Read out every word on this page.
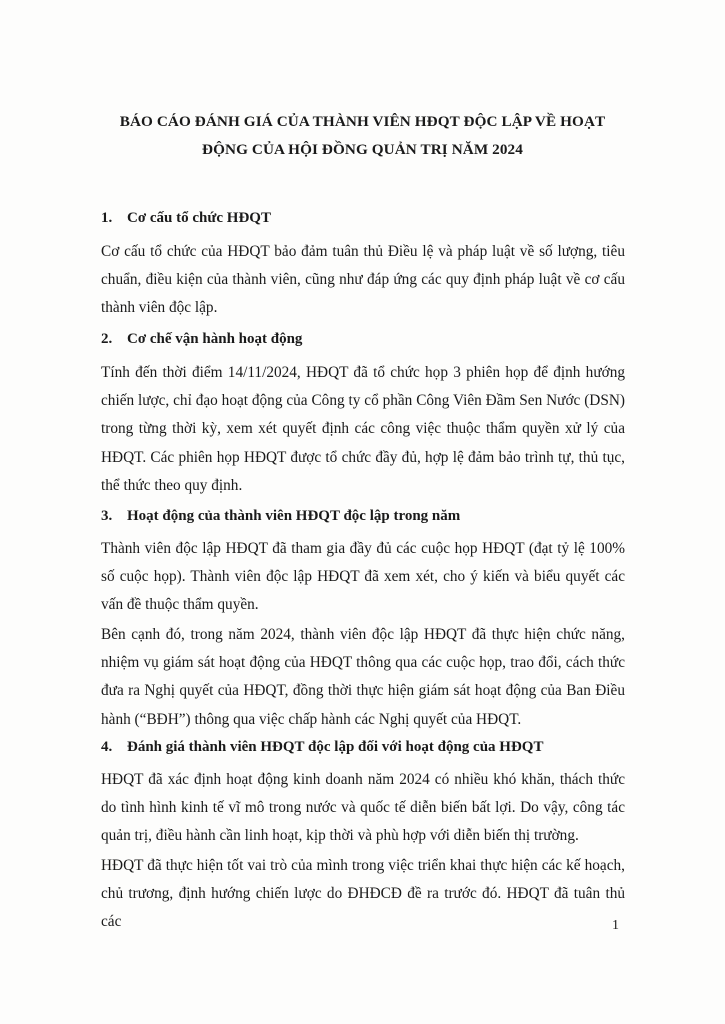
BÁO CÁO ĐÁNH GIÁ CỦA THÀNH VIÊN HĐQT ĐỘC LẬP VỀ HOẠT
ĐỘNG CỦA HỘI ĐỒNG QUẢN TRỊ NĂM 2024
1. Cơ cấu tổ chức HĐQT
Cơ cấu tổ chức của HĐQT bảo đảm tuân thủ Điều lệ và pháp luật về số lượng, tiêu chuẩn, điều kiện của thành viên, cũng như đáp ứng các quy định pháp luật về cơ cấu thành viên độc lập.
2. Cơ chế vận hành hoạt động
Tính đến thời điểm 14/11/2024, HĐQT đã tổ chức họp 3 phiên họp để định hướng chiến lược, chỉ đạo hoạt động của Công ty cổ phần Công Viên Đầm Sen Nước (DSN) trong từng thời kỳ, xem xét quyết định các công việc thuộc thẩm quyền xử lý của HĐQT. Các phiên họp HĐQT được tổ chức đầy đủ, hợp lệ đảm bảo trình tự, thủ tục, thể thức theo quy định.
3. Hoạt động của thành viên HĐQT độc lập trong năm
Thành viên độc lập HĐQT đã tham gia đầy đủ các cuộc họp HĐQT (đạt tỷ lệ 100% số cuộc họp). Thành viên độc lập HĐQT đã xem xét, cho ý kiến và biểu quyết các vấn đề thuộc thẩm quyền.
Bên cạnh đó, trong năm 2024, thành viên độc lập HĐQT đã thực hiện chức năng, nhiệm vụ giám sát hoạt động của HĐQT thông qua các cuộc họp, trao đổi, cách thức đưa ra Nghị quyết của HĐQT, đồng thời thực hiện giám sát hoạt động của Ban Điều hành (“BĐH”) thông qua việc chấp hành các Nghị quyết của HĐQT.
4. Đánh giá thành viên HĐQT độc lập đối với hoạt động của HĐQT
HĐQT đã xác định hoạt động kinh doanh năm 2024 có nhiều khó khăn, thách thức do tình hình kinh tế vĩ mô trong nước và quốc tế diễn biến bất lợi. Do vậy, công tác quản trị, điều hành cần linh hoạt, kịp thời và phù hợp với diễn biến thị trường.
HĐQT đã thực hiện tốt vai trò của mình trong việc triển khai thực hiện các kế hoạch, chủ trương, định hướng chiến lược do ĐHĐCĐ đề ra trước đó. HĐQT đã tuân thủ các	1
